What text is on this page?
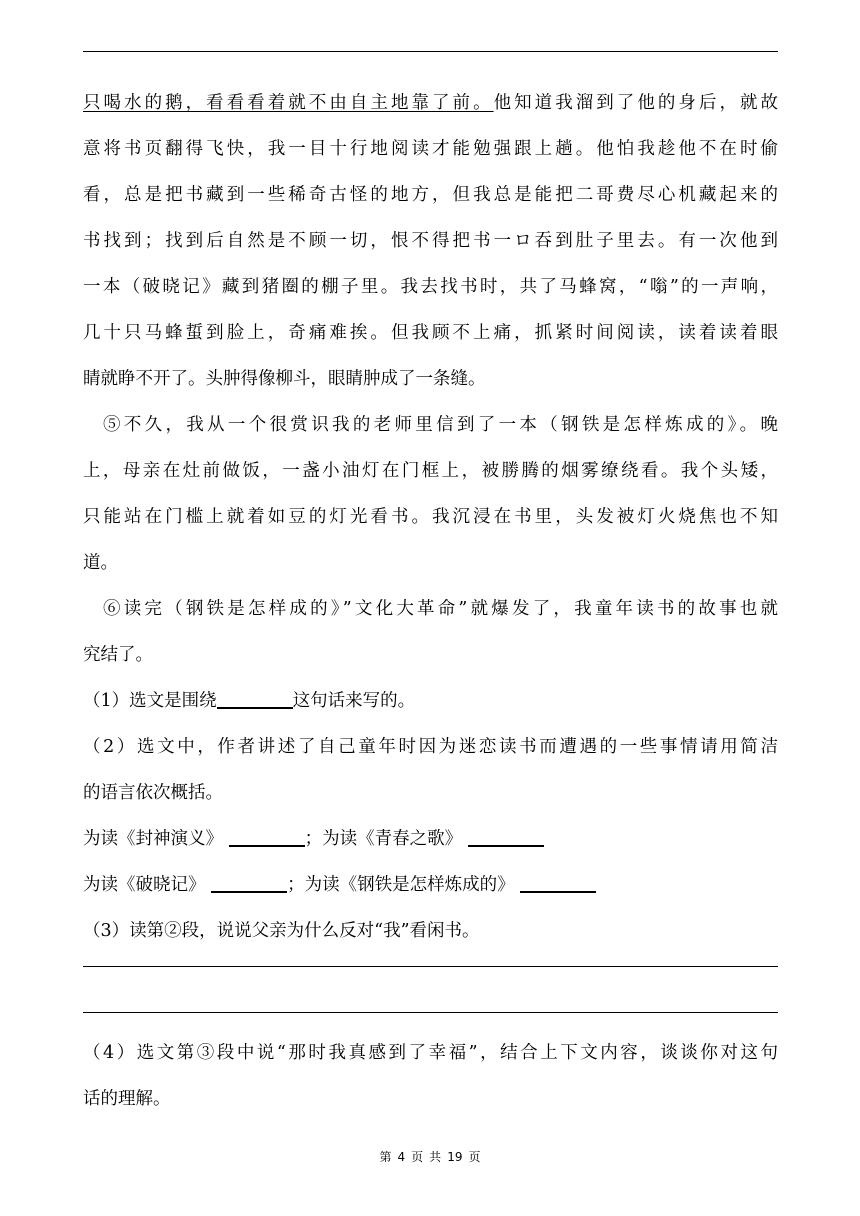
只喝水的鹅，看看看着就不由自主地靠了前。他知道我溜到了他的身后，就故
意将书页翻得飞快，我一目十行地阅读才能勉强跟上趟。他怕我趁他不在时偷
看，总是把书藏到一些稀奇古怪的地方，但我总是能把二哥费尽心机藏起来的
书找到；找到后自然是不顾一切，恨不得把书一ロ吞到肚子里去。有一次他到
一本（破晓记》藏到猪圈的棚子里。我去找书时，共了马蜂窝，“嗡”的一声响，
几十只马蜂蜇到脸上，奇痛难挨。但我顾不上痛，抓紧时间阅读，读着读着眼
睛就睁不开了。头肿得像柳斗，眼睛肿成了一条缝。
⑤不久，我从一个很赏识我的老师里信到了一本（钢铁是怎样炼成的》。晚
上，母亲在灶前做饭，一盏小油灯在门框上，被勝腾的烟雾缭绕看。我个头矮，
只能站在门槛上就着如豆的灯光看书。我沉浸在书里，头发被灯火烧焦也不知
道。
⑥读完（钢铁是怎样成的》”文化大革命”就爆发了，我童年读书的故事也就
究结了。
（1）选文是围绕	这句话来写的。
（2）选文中，作者讲述了自己童年时因为迷恋读书而遭遇的一些事情请用简洁
的语言依次概括。
为读《封神演义》	；为读《青春之歌》
为读《破晓记》	；为读《钢铁是怎样炼成的》
（3）读第②段，说说父亲为什么反对“我”看闲书。
（4）选文第③段中说“那时我真感到了幸福”，结合上下文内容，谈谈你对这句
话的理解。
第 4 页 共 19 页
